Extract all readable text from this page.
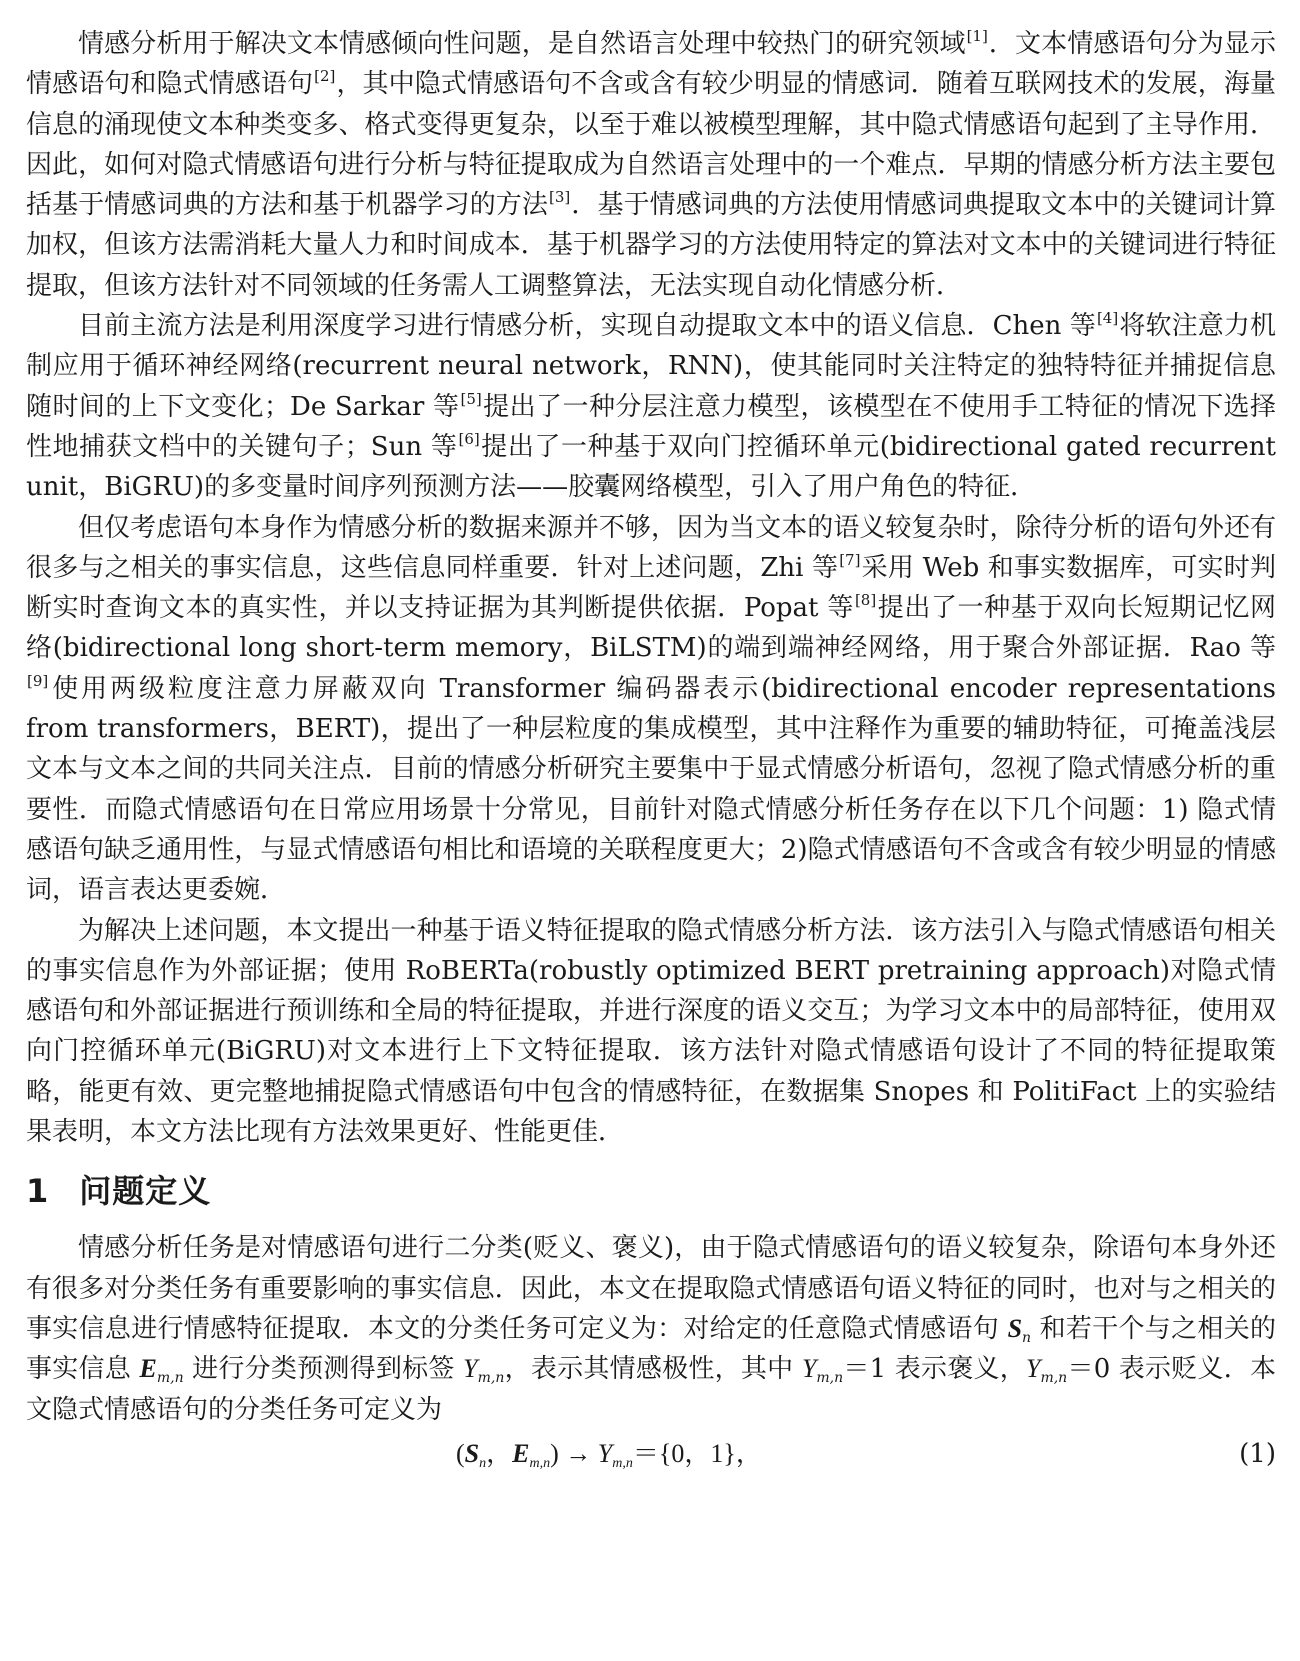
情感分析用于解决文本情感倾向性问题，是自然语言处理中较热门的研究领域[1]．文本情感语句分为显示情感语句和隐式情感语句[2]，其中隐式情感语句不含或含有较少明显的情感词．随着互联网技术的发展，海量信息的涌现使文本种类变多、格式变得更复杂，以至于难以被模型理解，其中隐式情感语句起到了主导作用．因此，如何对隐式情感语句进行分析与特征提取成为自然语言处理中的一个难点．早期的情感分析方法主要包括基于情感词典的方法和基于机器学习的方法[3]．基于情感词典的方法使用情感词典提取文本中的关键词计算加权，但该方法需消耗大量人力和时间成本．基于机器学习的方法使用特定的算法对文本中的关键词进行特征提取，但该方法针对不同领域的任务需人工调整算法，无法实现自动化情感分析．

目前主流方法是利用深度学习进行情感分析，实现自动提取文本中的语义信息．Chen 等[4]将软注意力机制应用于循环神经网络(recurrent neural network，RNN)，使其能同时关注特定的独特特征并捕捉信息随时间的上下文变化；De Sarkar 等[5]提出了一种分层注意力模型，该模型在不使用手工特征的情况下选择性地捕获文档中的关键句子；Sun 等[6]提出了一种基于双向门控循环单元(bidirectional gated recurrent unit，BiGRU)的多变量时间序列预测方法——胶囊网络模型，引入了用户角色的特征．

但仅考虑语句本身作为情感分析的数据来源并不够，因为当文本的语义较复杂时，除待分析的语句外还有很多与之相关的事实信息，这些信息同样重要．针对上述问题，Zhi 等[7]采用 Web 和事实数据库，可实时判断实时查询文本的真实性，并以支持证据为其判断提供依据．Popat 等[8]提出了一种基于双向长短期记忆网络(bidirectional long short-term memory，BiLSTM)的端到端神经网络，用于聚合外部证据．Rao 等[9]使用两级粒度注意力屏蔽双向 Transformer 编码器表示(bidirectional encoder representations from transformers，BERT)，提出了一种层粒度的集成模型，其中注释作为重要的辅助特征，可掩盖浅层文本与文本之间的共同关注点．目前的情感分析研究主要集中于显式情感分析语句，忽视了隐式情感分析的重要性．而隐式情感语句在日常应用场景十分常见，目前针对隐式情感分析任务存在以下几个问题：1) 隐式情感语句缺乏通用性，与显式情感语句相比和语境的关联程度更大；2)隐式情感语句不含或含有较少明显的情感词，语言表达更委婉．

为解决上述问题，本文提出一种基于语义特征提取的隐式情感分析方法．该方法引入与隐式情感语句相关的事实信息作为外部证据；使用 RoBERTa(robustly optimized BERT pretraining approach)对隐式情感语句和外部证据进行预训练和全局的特征提取，并进行深度的语义交互；为学习文本中的局部特征，使用双向门控循环单元(BiGRU)对文本进行上下文特征提取．该方法针对隐式情感语句设计了不同的特征提取策略，能更有效、更完整地捕捉隐式情感语句中包含的情感特征，在数据集 Snopes 和 PolitiFact 上的实验结果表明，本文方法比现有方法效果更好、性能更佳．

1 问题定义

情感分析任务是对情感语句进行二分类(贬义、褒义)，由于隐式情感语句的语义较复杂，除语句本身外还有很多对分类任务有重要影响的事实信息．因此，本文在提取隐式情感语句语义特征的同时，也对与之相关的事实信息进行情感特征提取．本文的分类任务可定义为：对给定的任意隐式情感语句 $S_n$ 和若干个与之相关的事实信息 $E_{m,n}$ 进行分类预测得到标签 $Y_{m,n}$，表示其情感极性，其中 $Y_{m,n}=1$ 表示褒义，$Y_{m,n}=0$ 表示贬义．本文隐式情感语句的分类任务可定义为

($S_n$，$E_{m,n}) \to Y_{m,n}=\{0$，1}，	(1)
